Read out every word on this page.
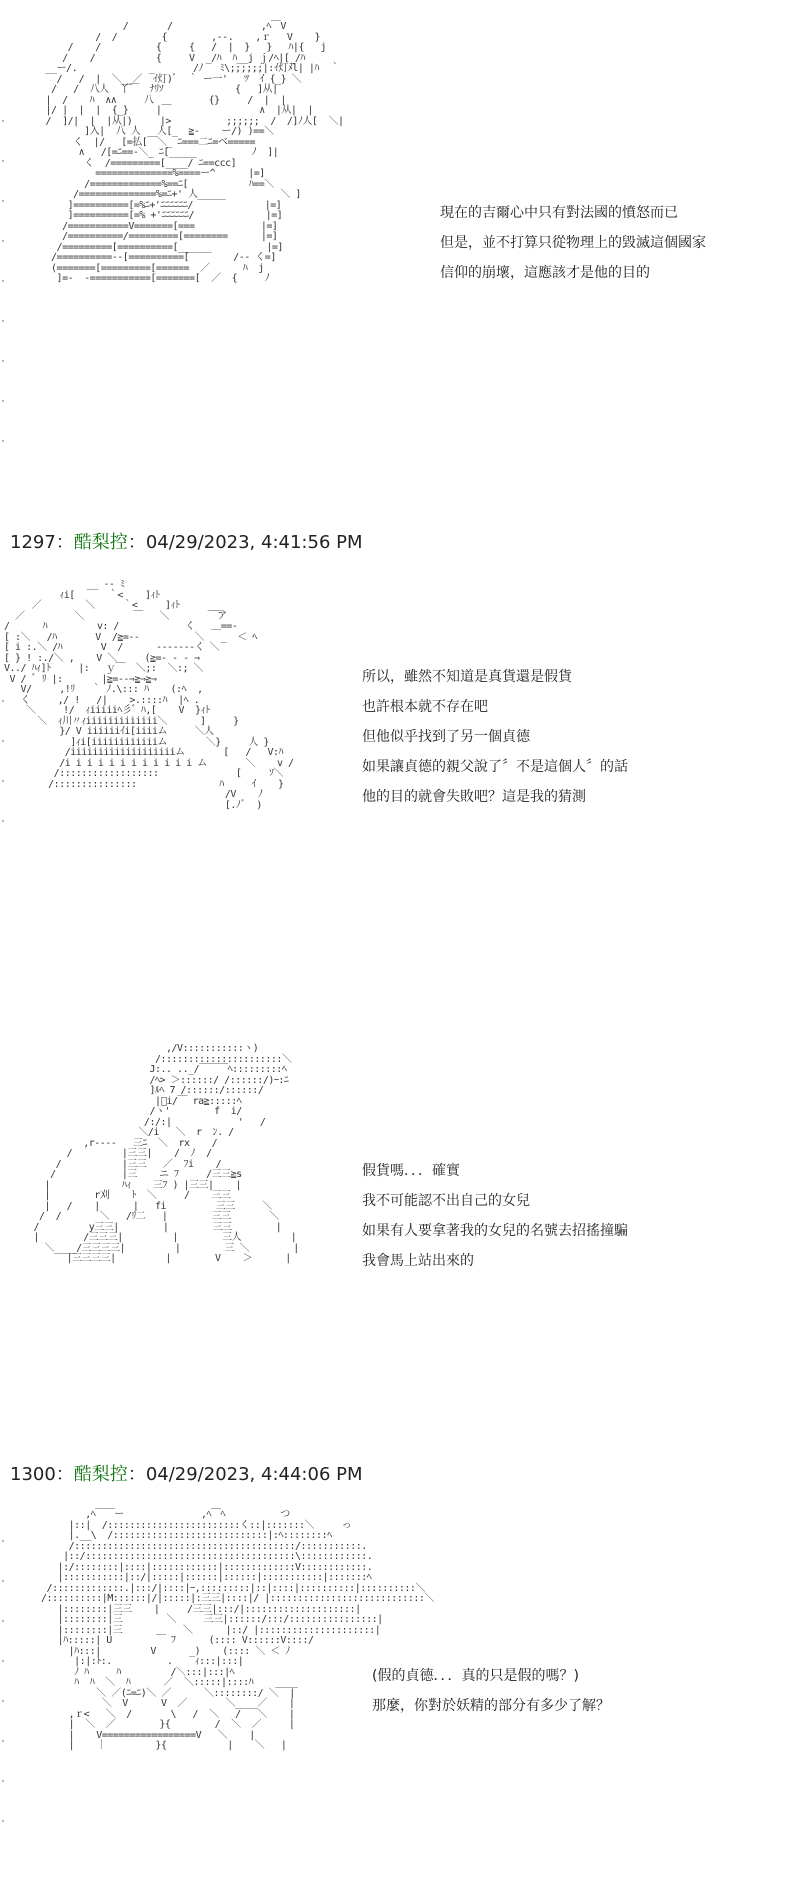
/       /                ,ﾍ￣V
/  /        {        ,--.    ,ｒ   V    }
/    /          {     {   /  |  }   }   ﾊ|{   j
/    /           {     V  _/ﾊ  ﾊ__j ｊ/ﾍ|[_/ﾊ
__ー/.             _       /ﾉ   ﾐ\;;;;;;|:ｲ灯ﾒl| |ﾊ  ｀
/   /  |  ＼__／  ｲ灯)ﾞ  ｀ ー一'   ﾂ  ｲ {_} ＼
/   /  八人  丫￣  ﾅﾘｿ             {   ]从|
|  /    ﾊ  ∧∧     八          {}     /  |  |
|/ |  |  |  {_}     |￣                ∧  |从|  |
/  ]/|  |  |从|)     |>          ;;;;;;  /  /]ﾉ人[  ＼|
]入|  八 人   人[_  ≧-    ー/) )==＼
く  |/   [=払[￣＼_ ﾆ===二ﾆ=ベ=====
∧   /[=ﾆ==-＼_ ﾆ[_____          ﾉ  ]|
く  /=========[____/ ﾆ==ccc]
==============%====ー^      |=]
/=============%==ﾆ[           ﾊ==＼
/==============%=ﾆ+' 人_____          ＼ ]
]==========[=%ﾆ+'ﾆﾆﾆﾆﾆﾆ/             |=]
]==========[=% +'ﾆﾆﾆﾆﾆﾆ/             |=]
/===========V=======[===            |=]
/==========/=========[========      |=]
/=========[==========[______          |=]
/==========--[==========[        /-- く=]
(=======[=========[======  ／      ﾊ  j
]=-  -===========[=======[  ／  {     ﾉ
現在的吉爾心中只有對法國的憤怒而已
但是，並不打算只從物理上的毀滅這個國家
信仰的崩壞，這應該才是他的目的
1297：酷梨控：04/29/2023, 4:41:56 PM
__ -- ﾐ
ｨi[      ｀<    ]ｨﾄ
／        ＼     ｀<     ]ｨﾄ      __
／         ＼         ￣   ＼       ￣ア
/      ﾊ         v: /            く   ＿==-
[ :＼   /ﾊ       V  /≧=--          ＼   _  ＜ ﾍ
[ i :.＼ /ﾊ       V  /      -------く ＼
[ } ! :./＼ ,    V ＼     (≧=- - - ⇒
V../ ﾊｨ]ﾄ     |:   ｙ￣  ＼;:  ＼:; ＼
V / ﾞ ﾘ |:       |≧=--⇒≧⇒≧⇒
V/     ,!ﾘ   ｀ ﾉ.\::: ﾊ    (:ﾍ  ,
く     ,/ !   /|    >.::::ﾊ  |ﾍ .
＼     !/  ｨiiiiiﾍ彡゛ﾊ,[    V  }ｨﾄ
＼  ｨ川〃ｨiiiiiiiiiiiii＼      ]     }
}/ V iiiiiiｲi[iiiiム     ＼人
]ｨi[iiiiiiiiiiiiム       ＼}     人 }
/iiiiiiiiiiiiiiiiiiiム       [   /   V:ﾊ
/i i i i i i i i i i i i ム       ＼    v /
/::::::::::::::::::              [     ｿ＼
/:::::::::::::::               ﾊ     ｲ    }
/V    ﾉ
[.ﾉﾞ  )
所以，雖然不知道是真貨還是假貨
也許根本就不存在吧
但他似乎找到了另一個貞德
如果讓貞德的親父說了〞不是這個人〞的話
他的目的就會失敗吧？這是我的猜測
,/V:::::::::::ヽ)
/::::::::::::::::::::::＼
J:.. .._/￣￣￣ﾍ:::::::::ﾍ
/ﾍ> ＞::::::/ /::::::/)ｰ:ﾆ
]ﾙﾍ 7 /::::::/::::::/
|ﾞi/￣ ra≧:::::ﾍ
/ヽ'        f  i/
/:/:|            '   /
＼/i   ＼  r  ﾝ. /
,r----   三ﾆ  ＼  rx    /
/         |三三|    /  ﾉ  /
/           |三三   ／  ﾌi    /
/            |三    ニ ﾌ     /三三≧s
|             ﾊｨ    三ﾌ ) |三三|    |
|        r刈    ﾄ  ＼     /    三三
|   /    |      |   fi         三三     ＼
/  /       ＼   /ﾘ二   |        三三       ＼
/         y三三|        |        三三        |
|        /三三三|         |        三人         |
＼____/三三三三|         |        三 ＼        |
|三三三三|         |        V    ＞      |
假貨嗎．．．確實
我不可能認不出自己的女兒
如果有人要拿著我的女兒的名號去招搖撞騙
我會馬上站出來的
1300：酷梨控：04/29/2023, 4:44:06 PM
,ﾍ￣￣ー              ,ﾍ￣ﾍ          つ
|::|  /::::::::::::::::::::::::く::|:::::::＼     っ
|.__\  /::::::::::::::::::::::::::::|:ﾍ::::::::ﾍ
/::::::::::::::::::::::::::::::::::::::::/:::::::::::.
|::/::::::::::::::::::::::::::::::::::::::\::::::::::::.
|:/::::::::|::::|::::::::::::|:::::::::::::V::::::::::::.
|:::::::::::|::/|:::::|::::::|::::::|:::::::::::|:::::::ﾍ
/:::::::::::::.|:::/|::::|ｰ,:::::::::|::|::::|::::::::::|::::::::::＼
/::::::::::|M::::::|/|:::::|:三三|::::|/ |::::::::::::::::::::::::::::＼
|::::::::|三三    |     /三三|:::/|::::::::::::::::::::|
|::::::::|三        ＼     三三|::::::/:::/::::::::::::::::|
|::::::::|三           ＼      |::/ |:::::::::::::::::::::|
|ﾊ:::::| U        ￣ ﾌ      (:::: V::::::V::::/
|ﾊ:::|         V      _)    (:::: ＼ ＜ ﾉ
|:|:ﾄ:.          .    ｨ:::|:::|
ﾉ ﾊ     ﾊ         /＼:::|:::|ﾍ
ﾊ  ﾊ  ＼  ﾊ      ／  ＼:::::|::::ﾊ    ____
＼ ／(ﾆ=ﾆ)＼ ／      ＼::::::::/ ＼  |
＼  V      V  ／       ＼____／    |
,ｒ<   ＼  /       \   /  ＼   /   ＼    |
|  ＼  ／        }{        /  ＼  ／     |
|    V=================V   ＼    |
|    ｜         }{           |    ＼   |
(假的貞德．．．真的只是假的嗎？)
那麼，你對於妖精的部分有多少了解？
